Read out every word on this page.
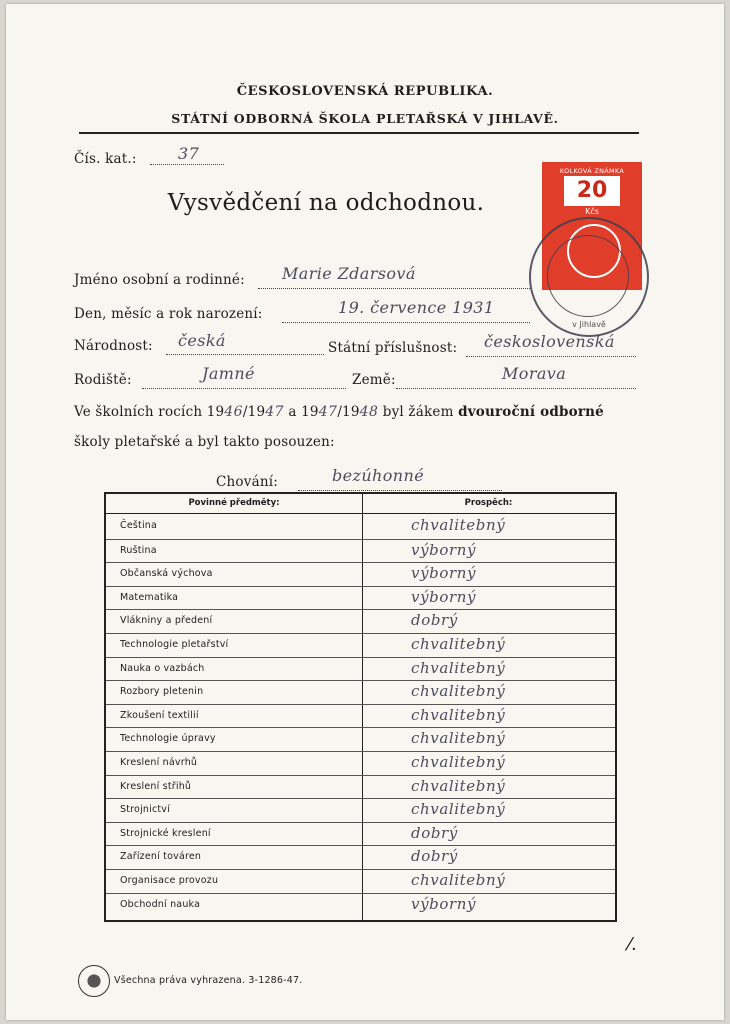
ČESKOSLOVENSKÁ REPUBLIKA.
STÁTNÍ ODBORNÁ ŠKOLA PLETAŘSKÁ V JIHLAVĚ.
Čís. kat.:	37
Vysvědčení na odchodnou.
KOLKOVÁ ZNÁMKA
20
Kčs
v Jihlavě
Jméno osobní a rodinné: Marie Zdarsová
Den, měsíc a rok narození:	19. července 1931
Národnost: česká	Státní příslušnost: československá
Rodiště:	Jamné	Země:	Morava
Ve školních rocích 1946/1947 a 1947/1948 byl žákem dvouroční odborné
školy pletařské a byl takto posouzen:
Chování:	bezúhonné
Povinné předměty:	Prospěch:
Čeština	chvalitebný
Ruština	výborný
Občanská výchova	výborný
Matematika	výborný
Vlákniny a předení	dobrý
Technologie pletařství	chvalitebný
Nauka o vazbách	chvalitebný
Rozbory pletenin	chvalitebný
Zkoušení textilií	chvalitebný
Technologie úpravy	chvalitebný
Kreslení návrhů	chvalitebný
Kreslení střihů	chvalitebný
Strojnictví	chvalitebný
Strojnické kreslení	dobrý
Zařízení továren	dobrý
Organisace provozu	chvalitebný
Obchodní nauka	výborný
Všechna práva vyhrazena. 3-1286-47.
⁄.
